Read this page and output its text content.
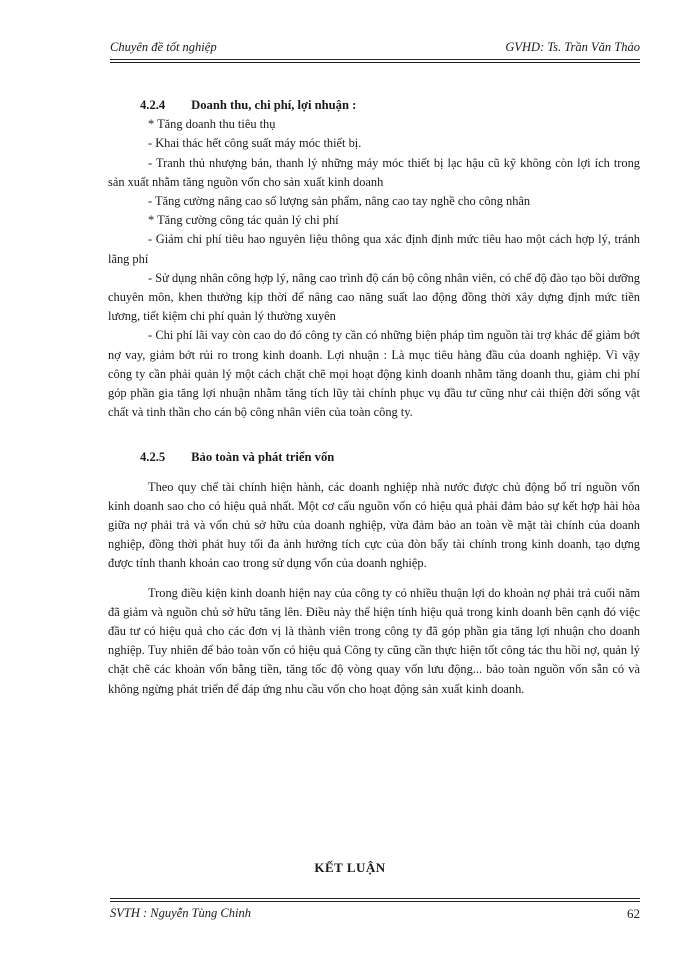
Chuyên đề tốt nghiệp	GVHD: Ts. Trần Văn Thảo
4.2.4 Doanh thu, chi phí, lợi nhuận :

* Tăng doanh thu tiêu thụ

- Khai thác hết công suất máy móc thiết bị.

- Tranh thủ nhượng bán, thanh lý những máy móc thiết bị lạc hậu cũ kỹ không còn lợi ích trong sản xuất nhằm tăng nguồn vốn cho sản xuất kinh doanh

- Tăng cường nâng cao số lượng sản phẩm, nâng cao tay nghề cho công nhân

* Tăng cường công tác quản lý chi phí

- Giảm chi phí tiêu hao nguyên liệu thông qua xác định định mức tiêu hao một cách hợp lý, tránh lãng phí

- Sử dụng nhân công hợp lý, nâng cao trình độ cán bộ công nhân viên, có chế độ đào tạo bồi dưỡng chuyên môn, khen thưởng kịp thời để nâng cao năng suất lao động đồng thời xây dựng định mức tiền lương, tiết kiệm chi phí quản lý thường xuyên

- Chi phí lãi vay còn cao do đó công ty cần có những biện pháp tìm nguồn tài trợ khác để giảm bớt nợ vay, giảm bớt rủi ro trong kinh doanh. Lợi nhuận : Là mục tiêu hàng đầu của doanh nghiệp. Vì vậy công ty cần phải quản lý một cách chặt chẽ mọi hoạt động kinh doanh nhằm tăng doanh thu, giảm chi phí góp phần gia tăng lợi nhuận nhằm tăng tích lũy tài chính phục vụ đầu tư cũng như cải thiện đời sống vật chất và tinh thần cho cán bộ công nhân viên của toàn công ty.

4.2.5 Bảo toàn và phát triển vốn

Theo quy chế tài chính hiện hành, các doanh nghiệp nhà nước được chủ động bố trí nguồn vốn kinh doanh sao cho có hiệu quả nhất. Một cơ cấu nguồn vốn có hiệu quả phải đảm bảo sự kết hợp hài hòa giữa nợ phải trả và vốn chủ sở hữu của doanh nghiệp, vừa đảm bảo an toàn về mặt tài chính của doanh nghiệp, đồng thời phát huy tối đa ảnh hưởng tích cực của đòn bẩy tài chính trong kinh doanh, tạo dựng được tính thanh khoản cao trong sử dụng vốn của doanh nghiệp.

Trong điều kiện kinh doanh hiện nay của công ty có nhiều thuận lợi do khoản nợ phải trả cuối năm đã giảm và nguồn chủ sở hữu tăng lên. Điều này thể hiện tính hiệu quả trong kinh doanh bên cạnh đó việc đầu tư có hiệu quả cho các đơn vị là thành viên trong công ty đã góp phần gia tăng lợi nhuận cho doanh nghiệp. Tuy nhiên để bảo toàn vốn có hiệu quả Công ty cũng cần thực hiện tốt công tác thu hồi nợ, quản lý chặt chẽ các khoản vốn bằng tiền, tăng tốc độ vòng quay vốn lưu động... bảo toàn nguồn vốn sẵn có và không ngừng phát triển để đáp ứng nhu cầu vốn cho hoạt động sản xuất kinh doanh.

KẾT LUẬN
SVTH : Nguyễn Tùng Chinh	62
